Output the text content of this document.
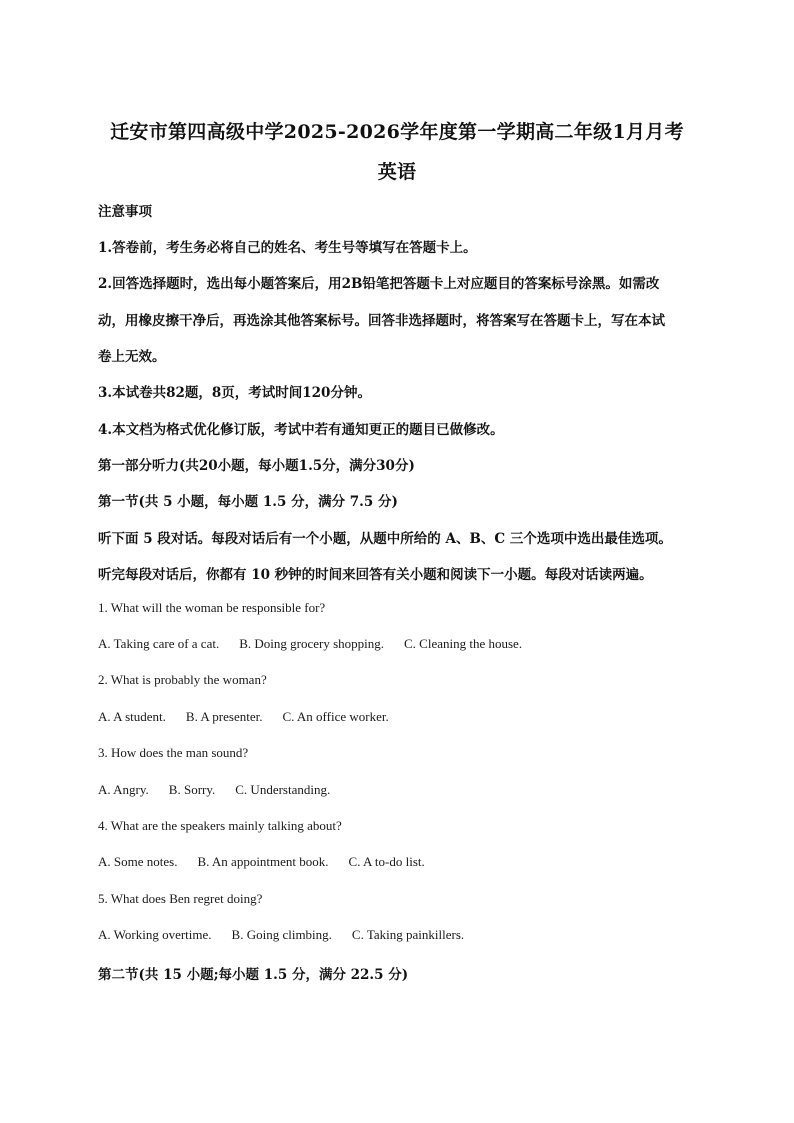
迁安市第四高级中学2025-2026学年度第一学期高二年级1月月考
英语
注意事项
1.答卷前，考生务必将自己的姓名、考生号等填写在答题卡上。
2.回答选择题时，选出每小题答案后，用2B铅笔把答题卡上对应题目的答案标号涂黑。如需改
动，用橡皮擦干净后，再选涂其他答案标号。回答非选择题时，将答案写在答题卡上，写在本试
卷上无效。
3.本试卷共82题，8页，考试时间120分钟。
4.本文档为格式优化修订版，考试中若有通知更正的题目已做修改。
第一部分听力(共20小题，每小题1.5分，满分30分)
第一节(共 5 小题，每小题 1.5 分，满分 7.5 分)
听下面 5 段对话。每段对话后有一个小题，从题中所给的 A、B、C 三个选项中选出最佳选项。
听完每段对话后，你都有 10 秒钟的时间来回答有关小题和阅读下一小题。每段对话读两遍。
1. What will the woman be responsible for?
A. Taking care of a cat. B. Doing grocery shopping. C. Cleaning the house.
2. What is probably the woman?
A. A student. B. A presenter. C. An office worker.
3. How does the man sound?
A. Angry. B. Sorry. C. Understanding.
4. What are the speakers mainly talking about?
A. Some notes. B. An appointment book. C. A to-do list.
5. What does Ben regret doing?
A. Working overtime. B. Going climbing. C. Taking painkillers.
第二节(共 15 小题;每小题 1.5 分，满分 22.5 分)
